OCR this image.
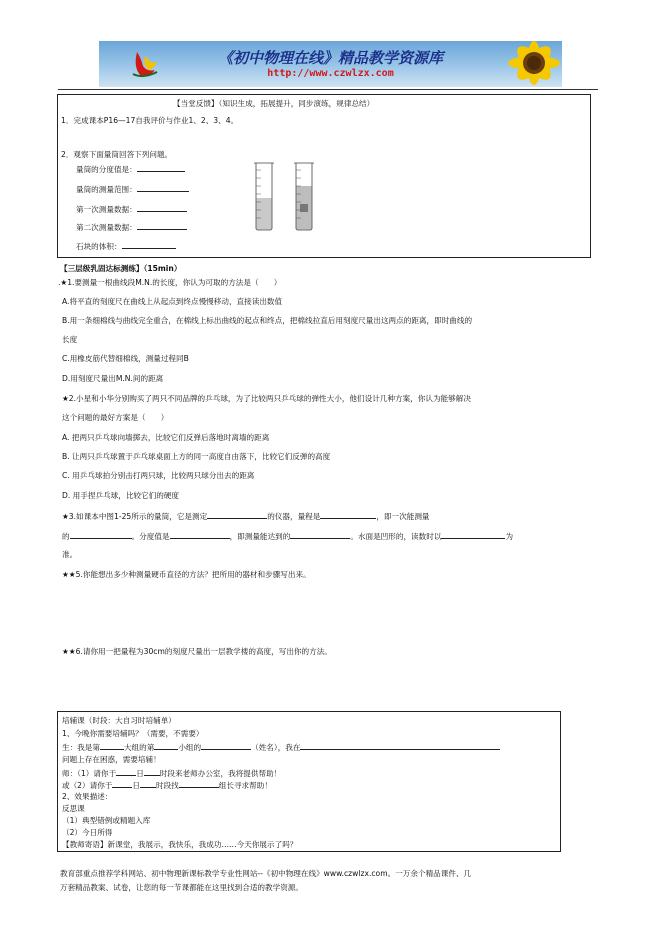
《初中物理在线》精品教学资源库
http://www.czwlzx.com
【当堂反馈】（知识生成，拓展提升，同步演练，规律总结）
1．完成课本P16—17自我评价与作业1、2、3、4。
2．观察下面量筒回答下列问题。
量筒的分度值是：
量筒的测量范围：
第一次测量数据：
第二次测量数据：
石块的体积：
【三层级乳固达标测练】（15min）
.★1.要测量一根曲线段M.N.的长度，你认为可取的方法是（　　）
A.将平直的刻度尺在曲线上从起点到终点慢慢移动，直接读出数值
B.用一条细棉线与曲线完全重合，在棉线上标出曲线的起点和终点，把棉线拉直后用刻度尺量出这两点的距离，即时曲线的
长度
C.用橡皮筋代替细棉线，测量过程同B
D.用刻度尺量出M.N.间的距离
★2.小星和小华分别购买了两只不同品牌的乒乓球，为了比较两只乒乓球的弹性大小，他们设计几种方案，你认为能够解决
这个问题的最好方案是（　　）
A. 把两只乒乓球向墙掷去，比较它们反弹后落地时离墙的距离
B. 让两只乒乓球置于乒乓球桌面上方的同一高度自由落下，比较它们反弹的高度
C. 用乒乓球拍分别击打两只球，比较两只球分出去的距离
D. 用手捏乒乓球，比较它们的硬度
★3.如课本中图1-25所示的量筒，它是测定	的仪器，量程是	，即一次能测量
的	。分度值是	，即测量能达到的	。水面是凹形的，读数时以	为
准。
★★5.你能想出多少种测量硬币直径的方法？把所用的器材和步骤写出来。
★★6.请你用一把量程为30cm的刻度尺量出一层教学楼的高度，写出你的方法。
培辅课（时段：大自习时培辅单）
1、今晚你需要培辅吗？（需要，不需要）
生：我是第	大组的第	小组的	（姓名），我在
问题上存在困惑，需要培辅！
师：（1）请你于	日 时段来老师办公室，我将提供帮助！
或（2）请你于	日 时段找	组长寻求帮助！
2、效果描述：
反思课
（1）典型错例或精题入库
（2）今日所得
【教师寄语】新课堂，我展示，我快乐，我成功……今天你展示了吗？
教育部重点推荐学科网站、初中物理新课标教学专业性网站--《初中物理在线》www.czwlzx.com。一万余个精品课件、几
万套精品教案、试卷，让您的每一节课都能在这里找到合适的教学资源。
